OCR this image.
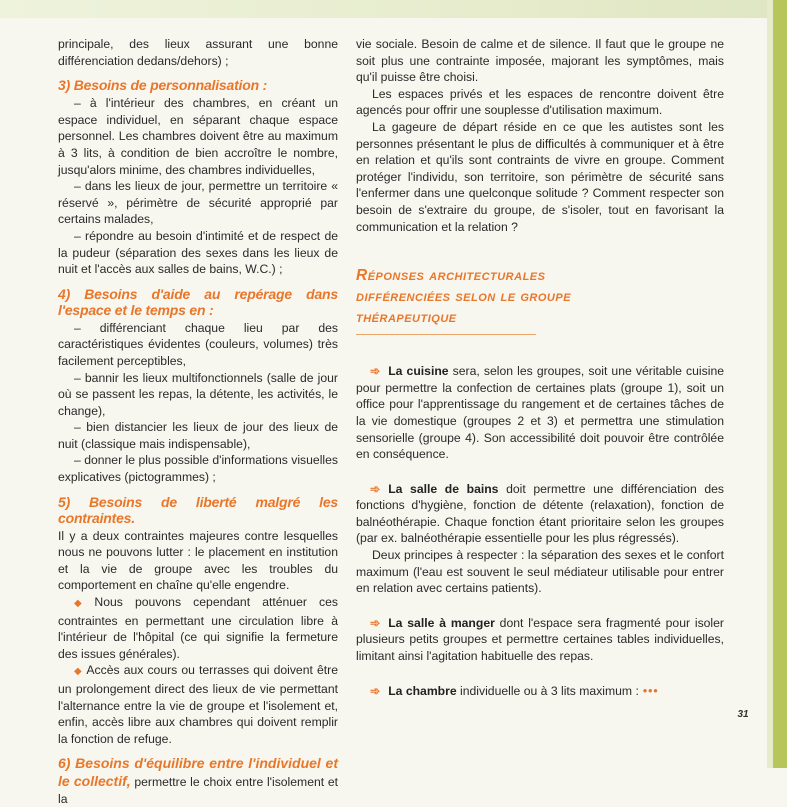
principale, des lieux assurant une bonne différenciation dedans/dehors) ;

3) Besoins de personnalisation :

– à l'intérieur des chambres, en créant un espace individuel, en séparant chaque espace personnel. Les chambres doivent être au maximum à 3 lits, à condition de bien accroître le nombre, jusqu'alors minime, des chambres individuelles,

– dans les lieux de jour, permettre un territoire « réservé », périmètre de sécurité approprié par certains malades,

– répondre au besoin d'intimité et de respect de la pudeur (séparation des sexes dans les lieux de nuit et l'accès aux salles de bains, W.C.) ;

4) Besoins d'aide au repérage dans l'espace et le temps en :

– différenciant chaque lieu par des caractéristiques évidentes (couleurs, volumes) très facilement perceptibles,

– bannir les lieux multifonctionnels (salle de jour où se passent les repas, la détente, les activités, le change),

– bien distancier les lieux de jour des lieux de nuit (classique mais indispensable),

– donner le plus possible d'informations visuelles explicatives (pictogrammes) ;

5) Besoins de liberté malgré les contraintes.

Il y a deux contraintes majeures contre lesquelles nous ne pouvons lutter : le placement en institution et la vie de groupe avec les troubles du comportement en chaîne qu'elle engendre.

◆ Nous pouvons cependant atténuer ces contraintes en permettant une circulation libre à l'intérieur de l'hôpital (ce qui signifie la fermeture des issues générales).

◆ Accès aux cours ou terrasses qui doivent être un prolongement direct des lieux de vie permettant l'alternance entre la vie de groupe et l'isolement et, enfin, accès libre aux chambres qui doivent remplir la fonction de refuge.

6) Besoins d'équilibre entre l'individuel et le collectif, permettre le choix entre l'isolement et la

vie sociale. Besoin de calme et de silence. Il faut que le groupe ne soit plus une contrainte imposée, majorant les symptômes, mais qu'il puisse être choisi.

Les espaces privés et les espaces de rencontre doivent être agencés pour offrir une souplesse d'utilisation maximum.

La gageure de départ réside en ce que les autistes sont les personnes présentant le plus de difficultés à communiquer et à être en relation et qu'ils sont contraints de vivre en groupe. Comment protéger l'individu, son territoire, son périmètre de sécurité sans l'enfermer dans une quelconque solitude ? Comment respecter son besoin de s'extraire du groupe, de s'isoler, tout en favorisant la communication et la relation ?

Réponses architecturales
différenciées selon le groupe
thérapeutique

➾ La cuisine sera, selon les groupes, soit une véritable cuisine pour permettre la confection de certaines plats (groupe 1), soit un office pour l'apprentissage du rangement et de certaines tâches de la vie domestique (groupes 2 et 3) et permettra une stimulation sensorielle (groupe 4). Son accessibilité doit pouvoir être contrôlée en conséquence.

➾ La salle de bains doit permettre une différenciation des fonctions d'hygiène, fonction de détente (relaxation), fonction de balnéothérapie. Chaque fonction étant prioritaire selon les groupes (par ex. balnéothérapie essentielle pour les plus régressés).

Deux principes à respecter : la séparation des sexes et le confort maximum (l'eau est souvent le seul médiateur utilisable pour entrer en relation avec certains patients).

➾ La salle à manger dont l'espace sera fragmenté pour isoler plusieurs petits groupes et permettre certaines tables individuelles, limitant ainsi l'agitation habituelle des repas.

➾ La chambre individuelle ou à 3 lits maximum : •••

31
